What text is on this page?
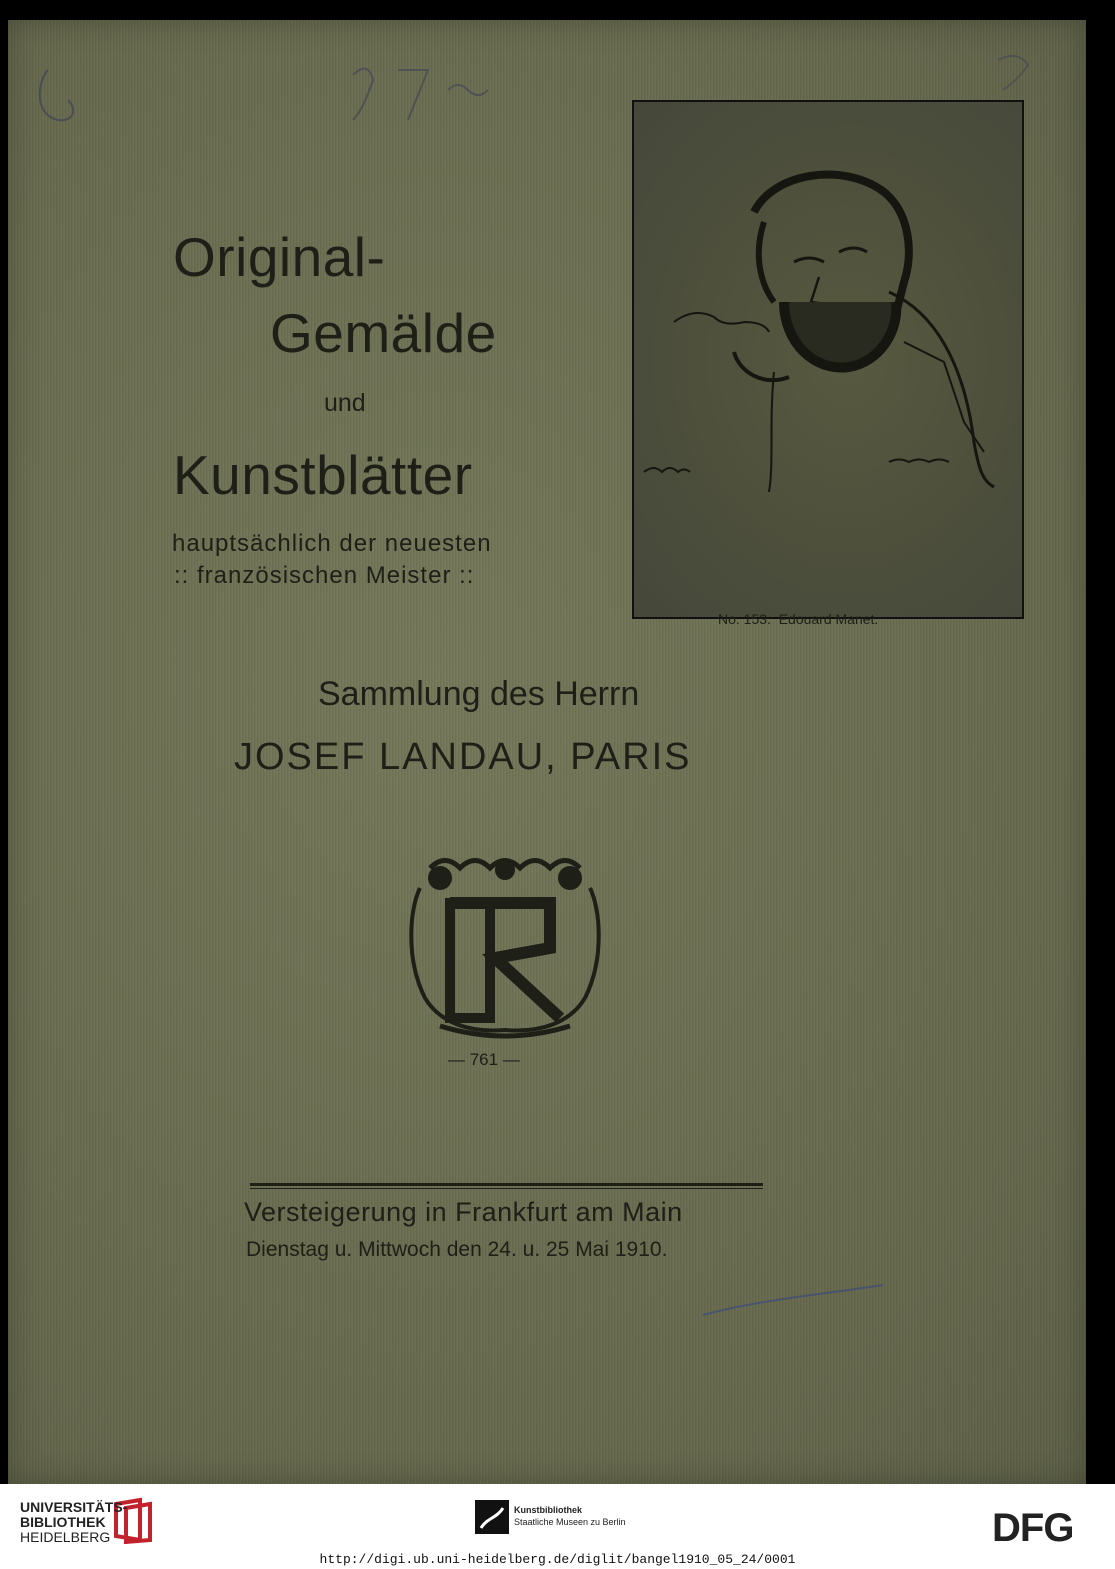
Original-

Gemälde

und

Kunstblätter

hauptsächlich der neuesten

:: französischen Meister ::

No. 153.  Edouard Manet.

Sammlung des Herrn

JOSEF LANDAU, PARIS

— 761 —

Versteigerung in Frankfurt am Main

Dienstag u. Mittwoch den 24. u. 25 Mai 1910.

UNIVERSITÄTS-
BIBLIOTHEK
HEIDELBERG
Kunstbibliothek
Staatliche Museen zu Berlin	DFG
http://digi.ub.uni-heidelberg.de/diglit/bangel1910_05_24/0001
